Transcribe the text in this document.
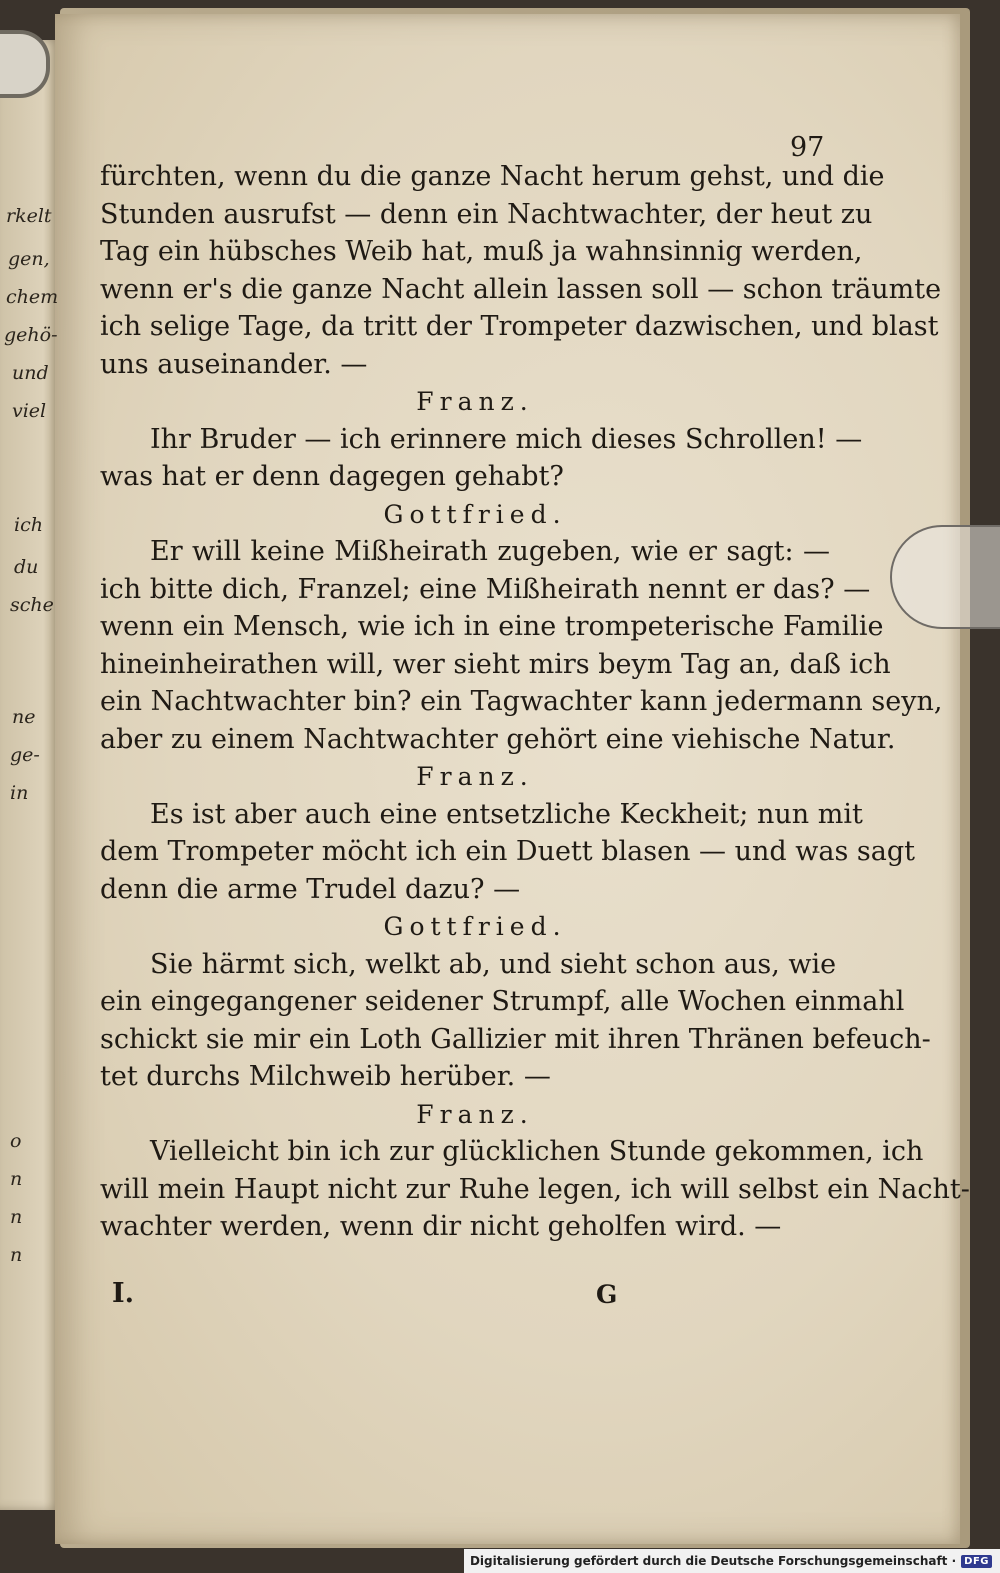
rkelt
gen,
chem
gehö-
und
viel
ich
du
sche
ne
ge-
in
o
n
n
n
97
fürchten, wenn du die ganze Nacht herum gehst, und die
Stunden ausrufst — denn ein Nachtwachter, der heut zu
Tag ein hübsches Weib hat, muß ja wahnsinnig werden,
wenn er's die ganze Nacht allein lassen soll — schon träumte
ich selige Tage, da tritt der Trompeter dazwischen, und blast
uns auseinander. —
Franz.
Ihr Bruder — ich erinnere mich dieses Schrollen! —
was hat er denn dagegen gehabt?
Gottfried.
Er will keine Mißheirath zugeben, wie er sagt: —
ich bitte dich, Franzel; eine Mißheirath nennt er das? —
wenn ein Mensch, wie ich in eine trompeterische Familie
hineinheirathen will, wer sieht mirs beym Tag an, daß ich
ein Nachtwachter bin? ein Tagwachter kann jedermann seyn,
aber zu einem Nachtwachter gehört eine viehische Natur.
Franz.
Es ist aber auch eine entsetzliche Keckheit; nun mit
dem Trompeter möcht ich ein Duett blasen — und was sagt
denn die arme Trudel dazu? —
Gottfried.
Sie härmt sich, welkt ab, und sieht schon aus, wie
ein eingegangener seidener Strumpf, alle Wochen einmahl
schickt sie mir ein Loth Gallizier mit ihren Thränen befeuch-
tet durchs Milchweib herüber. —
Franz.
Vielleicht bin ich zur glücklichen Stunde gekommen, ich
will mein Haupt nicht zur Ruhe legen, ich will selbst ein Nacht-
wachter werden, wenn dir nicht geholfen wird. —
I.	G
Digitalisierung gefördert durch die Deutsche Forschungsgemeinschaft · DFG
